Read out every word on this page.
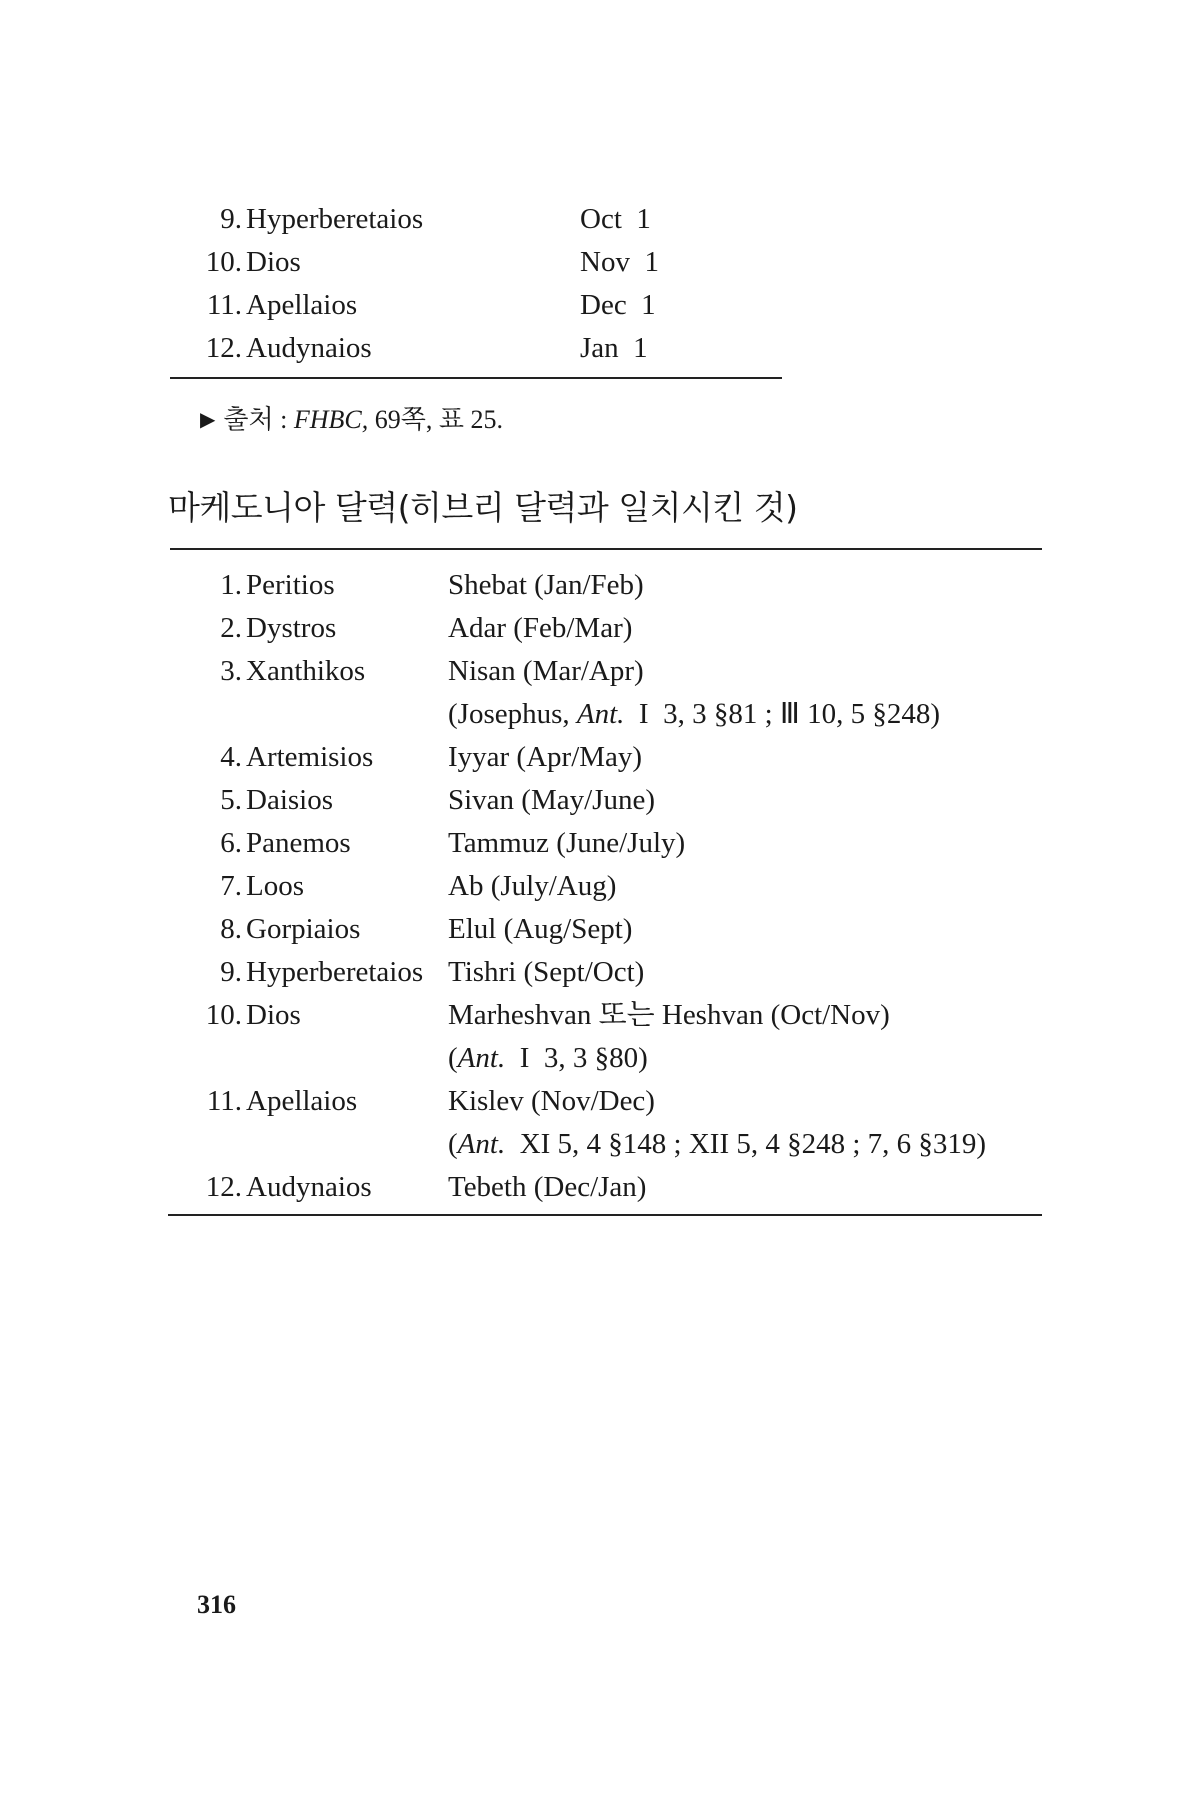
9. Hyperberetaios	Oct  1
10. Dios	Nov  1
11. Apellaios	Dec  1
12. Audynaios	Jan  1
▶ 출처 : FHBC, 69쪽, 표 25.
마케도니아 달력(히브리 달력과 일치시킨 것)
1. Peritios	Shebat (Jan/Feb)
2. Dystros	Adar (Feb/Mar)
3. Xanthikos	Nisan (Mar/Apr)
(Josephus, Ant.  I  3, 3 §81 ; Ⅲ 10, 5 §248)
4. Artemisios	Iyyar (Apr/May)
5. Daisios	Sivan (May/June)
6. Panemos	Tammuz (June/July)
7. Loos	Ab (July/Aug)
8. Gorpiaios	Elul (Aug/Sept)
9. Hyperberetaios Tishri (Sept/Oct)
10. Dios	Marheshvan 또는 Heshvan (Oct/Nov)
(Ant.  I  3, 3 §80)
11. Apellaios	Kislev (Nov/Dec)
(Ant.  XI 5, 4 §148 ; XII 5, 4 §248 ; 7, 6 §319)
12. Audynaios	Tebeth (Dec/Jan)
316
